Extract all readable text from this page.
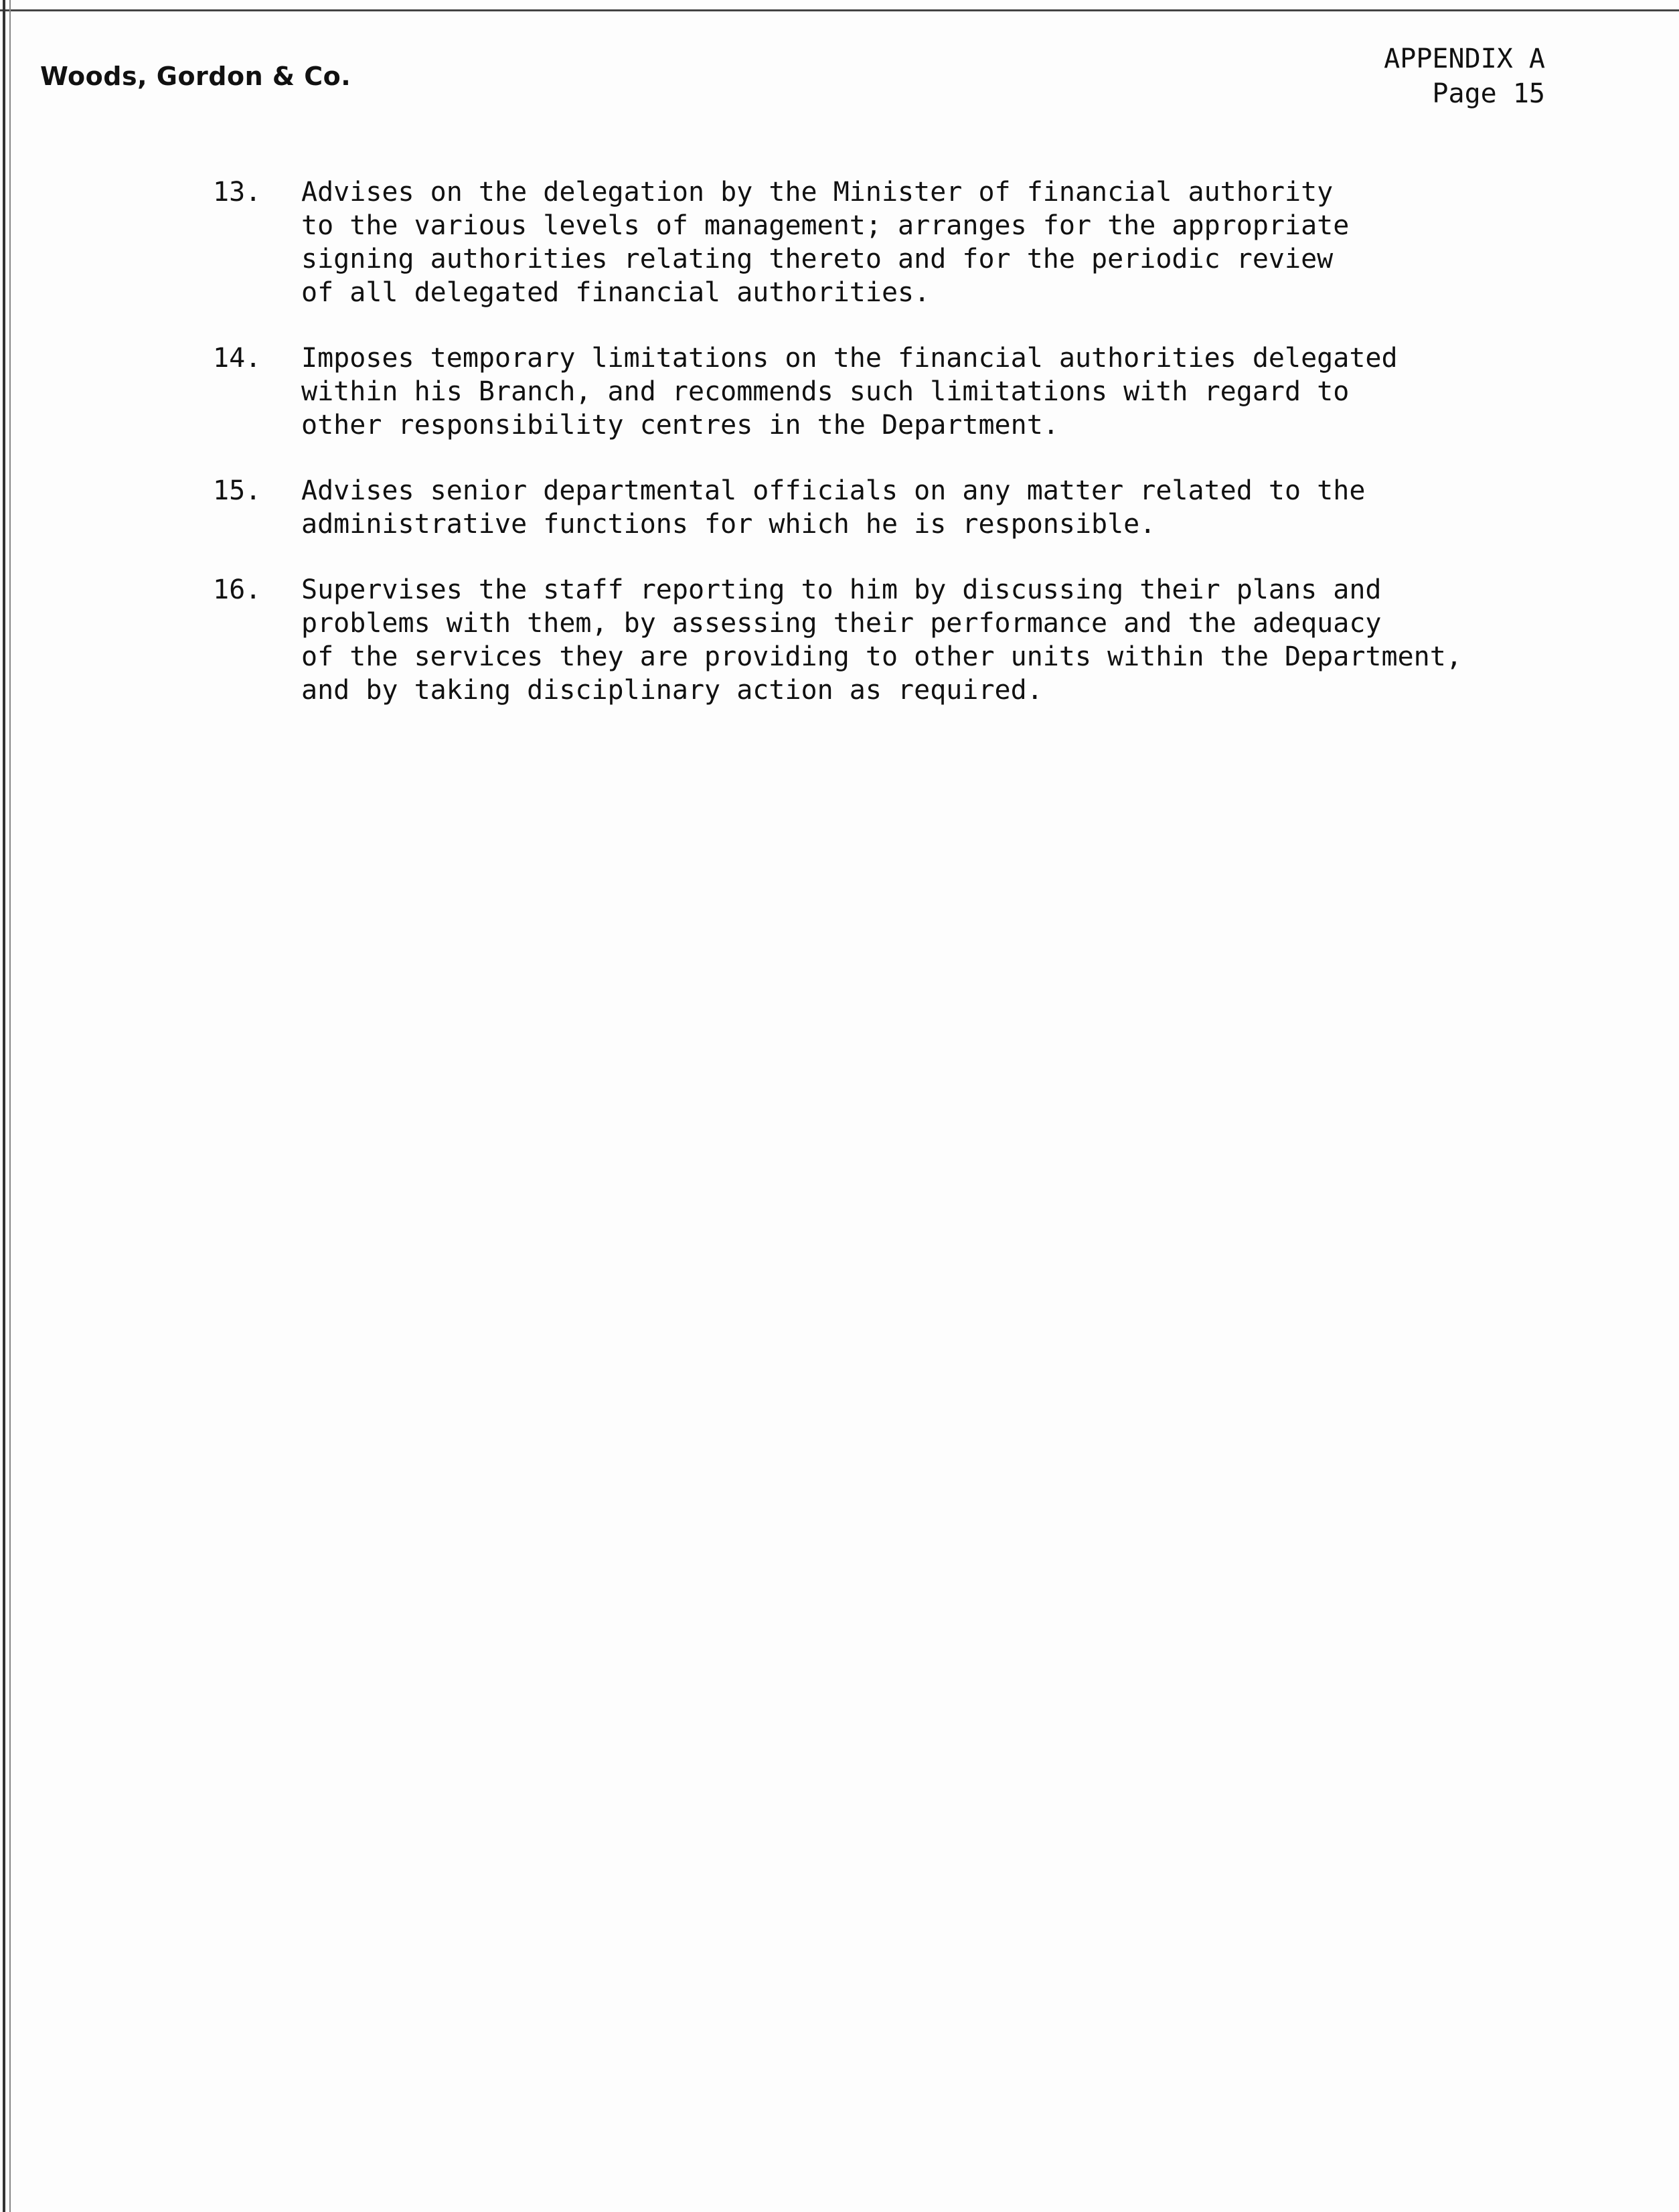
Woods, Gordon & Co.
APPENDIX A
Page 15
13.	Advises on the delegation by the Minister of financial authority
to the various levels of management; arranges for the appropriate
signing authorities relating thereto and for the periodic review
of all delegated financial authorities.
14.	Imposes temporary limitations on the financial authorities delegated
within his Branch, and recommends such limitations with regard to
other responsibility centres in the Department.
15.	Advises senior departmental officials on any matter related to the
administrative functions for which he is responsible.
16.	Supervises the staff reporting to him by discussing their plans and
problems with them, by assessing their performance and the adequacy
of the services they are providing to other units within the Department,
and by taking disciplinary action as required.
